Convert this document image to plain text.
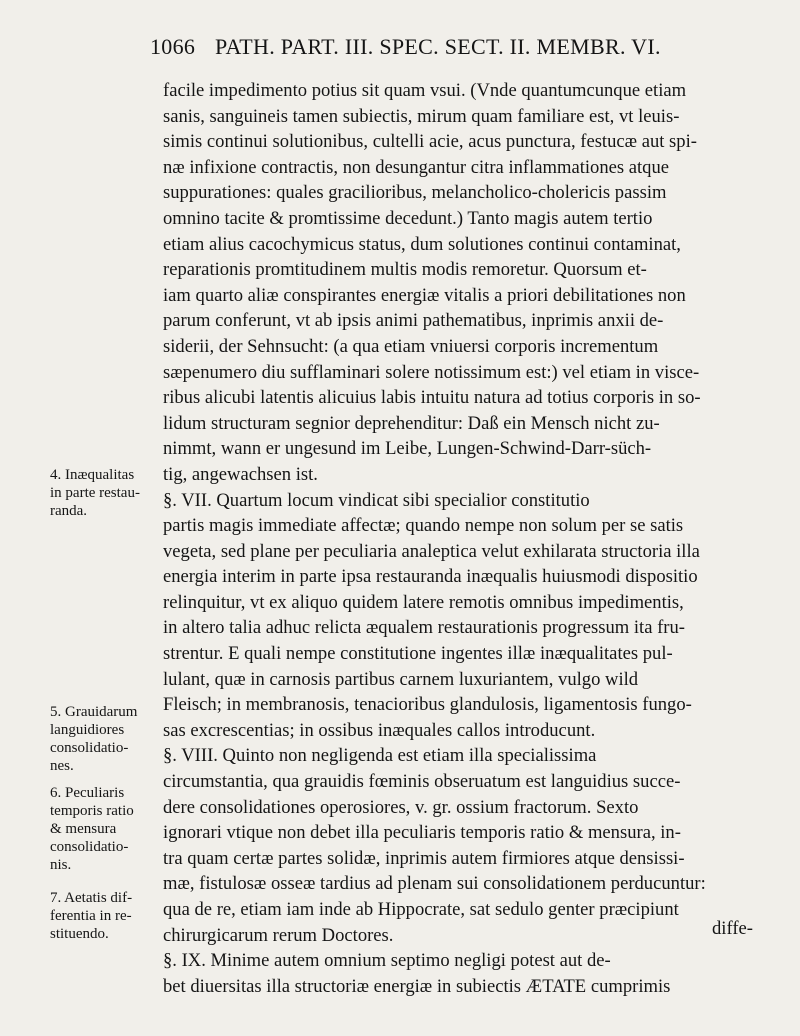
1066 PATH. PART. III. SPEC. SECT. II. MEMBR. VI.
facile impedimento potius sit quam vsui. (Vnde quantumcunque etiam
sanis, sanguineis tamen subiectis, mirum quam familiare est, vt leuis-
simis continui solutionibus, cultelli acie, acus punctura, festucæ aut spi-
næ infixione contractis, non desungantur citra inflammationes atque
suppurationes: quales gracilioribus, melancholico-cholericis passim
omnino tacite & promtissime decedunt.) Tanto magis autem tertio
etiam alius cacochymicus status, dum solutiones continui contaminat,
reparationis promtitudinem multis modis remoretur. Quorsum et-
iam quarto aliæ conspirantes energiæ vitalis a priori debilitationes non
parum conferunt, vt ab ipsis animi pathematibus, inprimis anxii de-
siderii, der Sehnsucht: (a qua etiam vniuersi corporis incrementum
sæpenumero diu sufflaminari solere notissimum est:) vel etiam in visce-
ribus alicubi latentis alicuius labis intuitu natura ad totius corporis in so-
lidum structuram segnior deprehenditur: Daß ein Mensch nicht zu-
nimmt, wann er ungesund im Leibe, Lungen-Schwind-Darr-süch-
tig, angewachsen ist.
§. VII. Quartum locum vindicat sibi specialior constitutio
partis magis immediate affectæ; quando nempe non solum per se satis
vegeta, sed plane per peculiaria analeptica velut exhilarata structoria illa
energia interim in parte ipsa restauranda inæqualis huiusmodi dispositio
relinquitur, vt ex aliquo quidem latere remotis omnibus impedimentis,
in altero talia adhuc relicta æqualem restaurationis progressum ita fru-
strentur. E quali nempe constitutione ingentes illæ inæqualitates pul-
lulant, quæ in carnosis partibus carnem luxuriantem, vulgo wild
Fleisch; in membranosis, tenacioribus glandulosis, ligamentosis fungo-
sas excrescentias; in ossibus inæquales callos introducunt.
§. VIII. Quinto non negligenda est etiam illa specialissima
circumstantia, qua grauidis fœminis obseruatum est languidius succe-
dere consolidationes operosiores, v. gr. ossium fractorum. Sexto
ignorari vtique non debet illa peculiaris temporis ratio & mensura, in-
tra quam certæ partes solidæ, inprimis autem firmiores atque densissi-
mæ, fistulosæ osseæ tardius ad plenam sui consolidationem perducuntur:
qua de re, etiam iam inde ab Hippocrate, sat sedulo genter præcipiunt
chirurgicarum rerum Doctores.
§. IX. Minime autem omnium septimo negligi potest aut de-
bet diuersitas illa structoriæ energiæ in subiectis ÆTATE cumprimis
4. Inæqualitas
in parte restau-
randa.
5. Grauidarum
languidiores
consolidatio-
nes.
6. Peculiaris
temporis ratio
& mensura
consolidatio-
nis.
7. Aetatis dif-
ferentia in re-
stituendo.	diffe-
